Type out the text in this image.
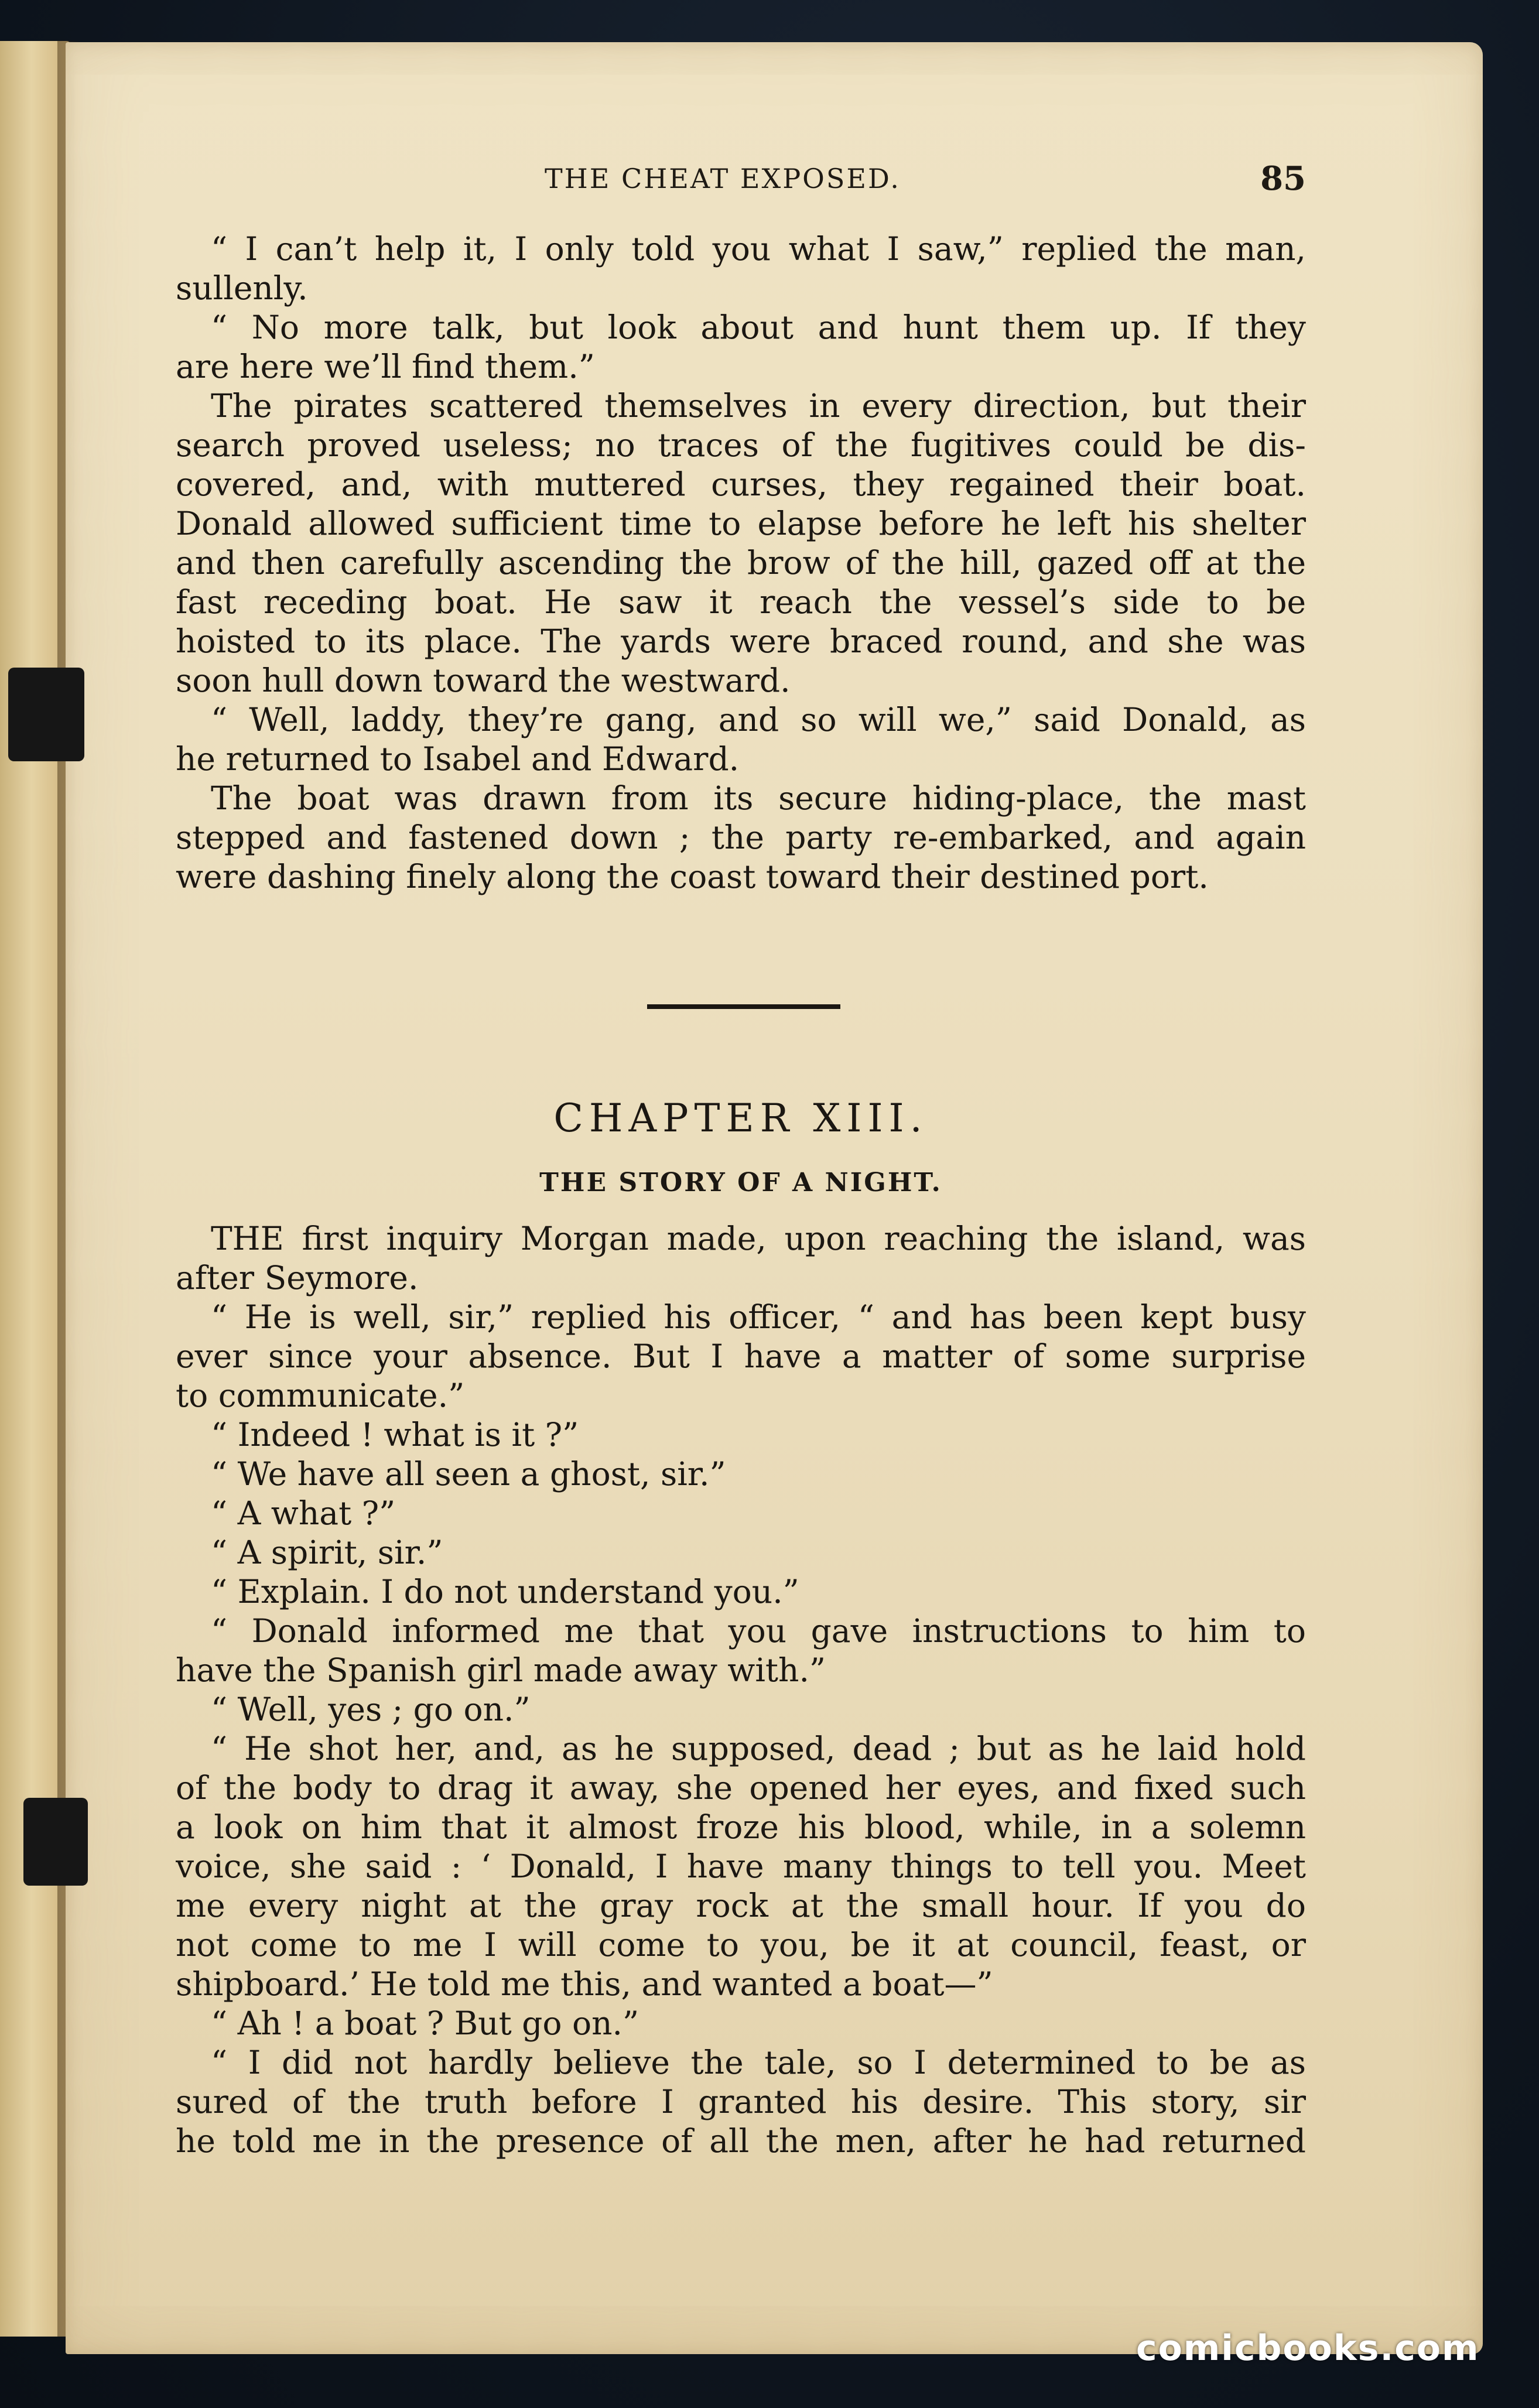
THE CHEAT EXPOSED.	85
“ I can’t help it, I only told you what I saw,” replied the man,
sullenly.
“ No more talk, but look about and hunt them up. If they
are here we’ll find them.”
The pirates scattered themselves in every direction, but their
search proved useless; no traces of the fugitives could be dis-
covered, and, with muttered curses, they regained their boat.
Donald allowed sufficient time to elapse before he left his shelter
and then carefully ascending the brow of the hill, gazed off at the
fast receding boat. He saw it reach the vessel’s side to be
hoisted to its place. The yards were braced round, and she was
soon hull down toward the westward.
“ Well, laddy, they’re gang, and so will we,” said Donald, as
he returned to Isabel and Edward.
The boat was drawn from its secure hiding-place, the mast
stepped and fastened down ; the party re-embarked, and again
were dashing finely along the coast toward their destined port.
CHAPTER XIII.
THE STORY OF A NIGHT.
THE first inquiry Morgan made, upon reaching the island, was
after Seymore.
“ He is well, sir,” replied his officer, “ and has been kept busy
ever since your absence. But I have a matter of some surprise
to communicate.”
“ Indeed ! what is it ?”
“ We have all seen a ghost, sir.”
“ A what ?”
“ A spirit, sir.”
“ Explain. I do not understand you.”
“ Donald informed me that you gave instructions to him to
have the Spanish girl made away with.”
“ Well, yes ; go on.”
“ He shot her, and, as he supposed, dead ; but as he laid hold
of the body to drag it away, she opened her eyes, and fixed such
a look on him that it almost froze his blood, while, in a solemn
voice, she said : ‘ Donald, I have many things to tell you. Meet
me every night at the gray rock at the small hour. If you do
not come to me I will come to you, be it at council, feast, or
shipboard.’ He told me this, and wanted a boat—”
“ Ah ! a boat ? But go on.”
“ I did not hardly believe the tale, so I determined to be as
sured of the truth before I granted his desire. This story, sir
he told me in the presence of all the men, after he had returned
comicbooks.com
